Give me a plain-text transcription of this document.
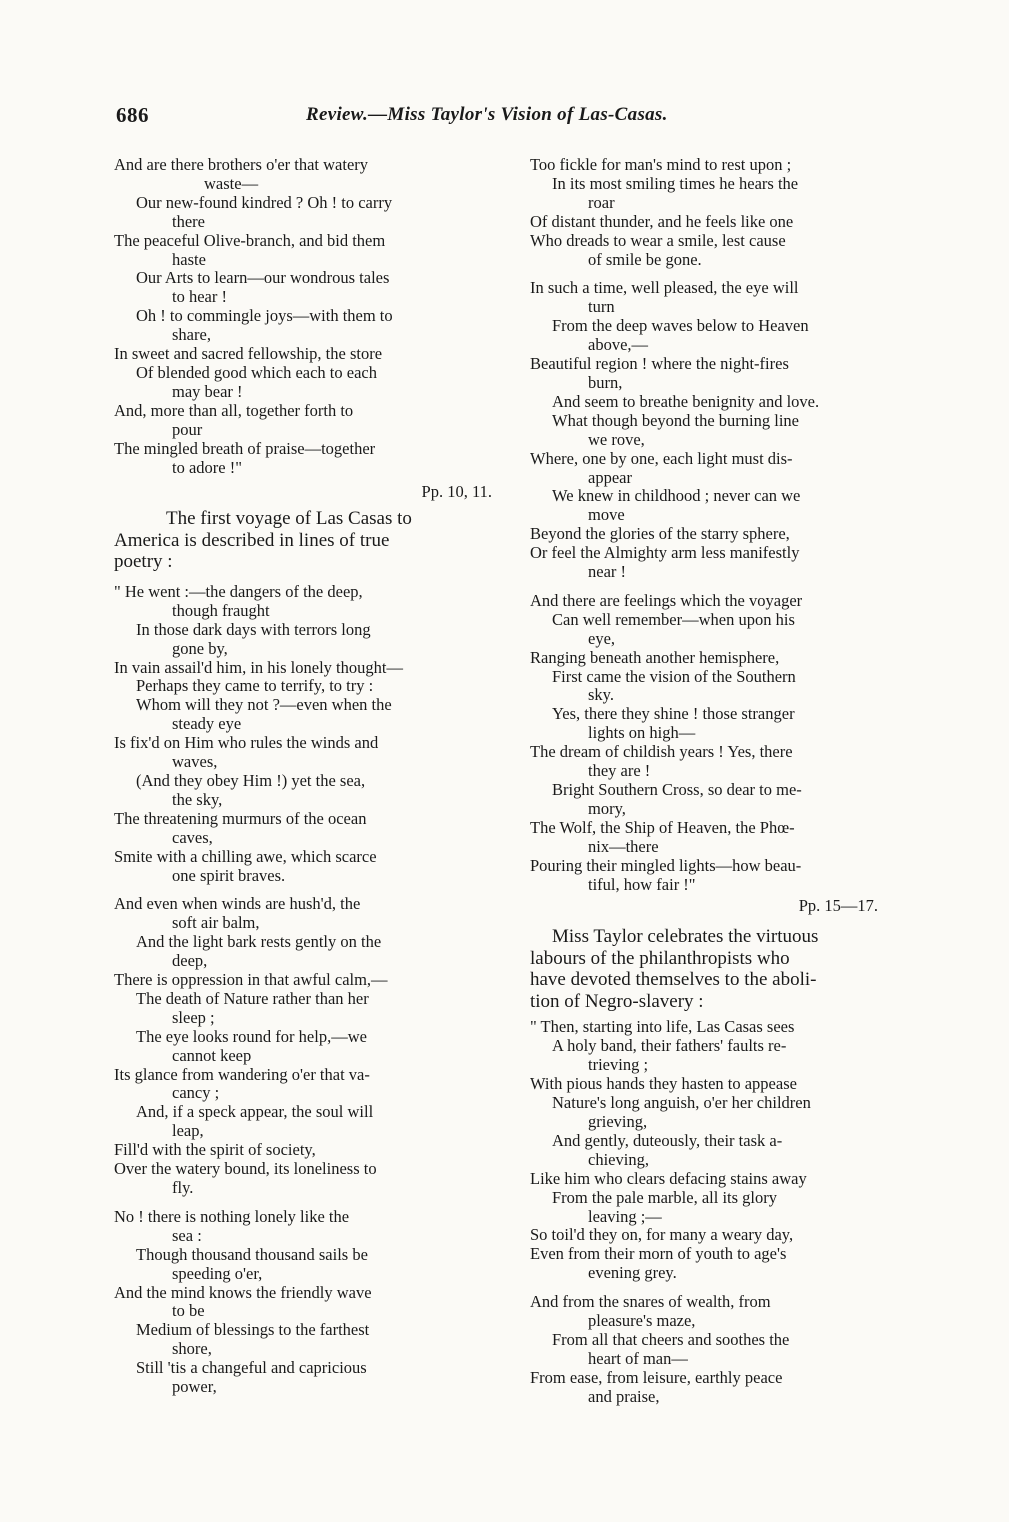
686	Review.—Miss Taylor's Vision of Las-Casas.
And are there brothers o'er that watery
waste—
Our new-found kindred ? Oh ! to carry
there
The peaceful Olive-branch, and bid them
haste
Our Arts to learn—our wondrous tales
to hear !
Oh ! to commingle joys—with them to
share,
In sweet and sacred fellowship, the store
Of blended good which each to each
may bear !
And, more than all, together forth to
pour
The mingled breath of praise—together
to adore !"
Pp. 10, 11.
The first voyage of Las Casas to
America is described in lines of true
poetry :
" He went :—the dangers of the deep,
though fraught
In those dark days with terrors long
gone by,
In vain assail'd him, in his lonely thought—
Perhaps they came to terrify, to try :
Whom will they not ?—even when the
steady eye
Is fix'd on Him who rules the winds and
waves,
(And they obey Him !) yet the sea,
the sky,
The threatening murmurs of the ocean
caves,
Smite with a chilling awe, which scarce
one spirit braves.
And even when winds are hush'd, the
soft air balm,
And the light bark rests gently on the
deep,
There is oppression in that awful calm,—
The death of Nature rather than her
sleep ;
The eye looks round for help,—we
cannot keep
Its glance from wandering o'er that va-
cancy ;
And, if a speck appear, the soul will
leap,
Fill'd with the spirit of society,
Over the watery bound, its loneliness to
fly.
No ! there is nothing lonely like the
sea :
Though thousand thousand sails be
speeding o'er,
And the mind knows the friendly wave
to be
Medium of blessings to the farthest
shore,
Still 'tis a changeful and capricious
power,
Too fickle for man's mind to rest upon ;
In its most smiling times he hears the
roar
Of distant thunder, and he feels like one
Who dreads to wear a smile, lest cause
of smile be gone.
In such a time, well pleased, the eye will
turn
From the deep waves below to Heaven
above,—
Beautiful region ! where the night-fires
burn,
And seem to breathe benignity and love.
What though beyond the burning line
we rove,
Where, one by one, each light must dis-
appear
We knew in childhood ; never can we
move
Beyond the glories of the starry sphere,
Or feel the Almighty arm less manifestly
near !
And there are feelings which the voyager
Can well remember—when upon his
eye,
Ranging beneath another hemisphere,
First came the vision of the Southern
sky.
Yes, there they shine ! those stranger
lights on high—
The dream of childish years ! Yes, there
they are !
Bright Southern Cross, so dear to me-
mory,
The Wolf, the Ship of Heaven, the Phœ-
nix—there
Pouring their mingled lights—how beau-
tiful, how fair !"
Pp. 15—17.
Miss Taylor celebrates the virtuous
labours of the philanthropists who
have devoted themselves to the aboli-
tion of Negro-slavery :
" Then, starting into life, Las Casas sees
A holy band, their fathers' faults re-
trieving ;
With pious hands they hasten to appease
Nature's long anguish, o'er her children
grieving,
And gently, duteously, their task a-
chieving,
Like him who clears defacing stains away
From the pale marble, all its glory
leaving ;—
So toil'd they on, for many a weary day,
Even from their morn of youth to age's
evening grey.
And from the snares of wealth, from
pleasure's maze,
From all that cheers and soothes the
heart of man—
From ease, from leisure, earthly peace
and praise,
